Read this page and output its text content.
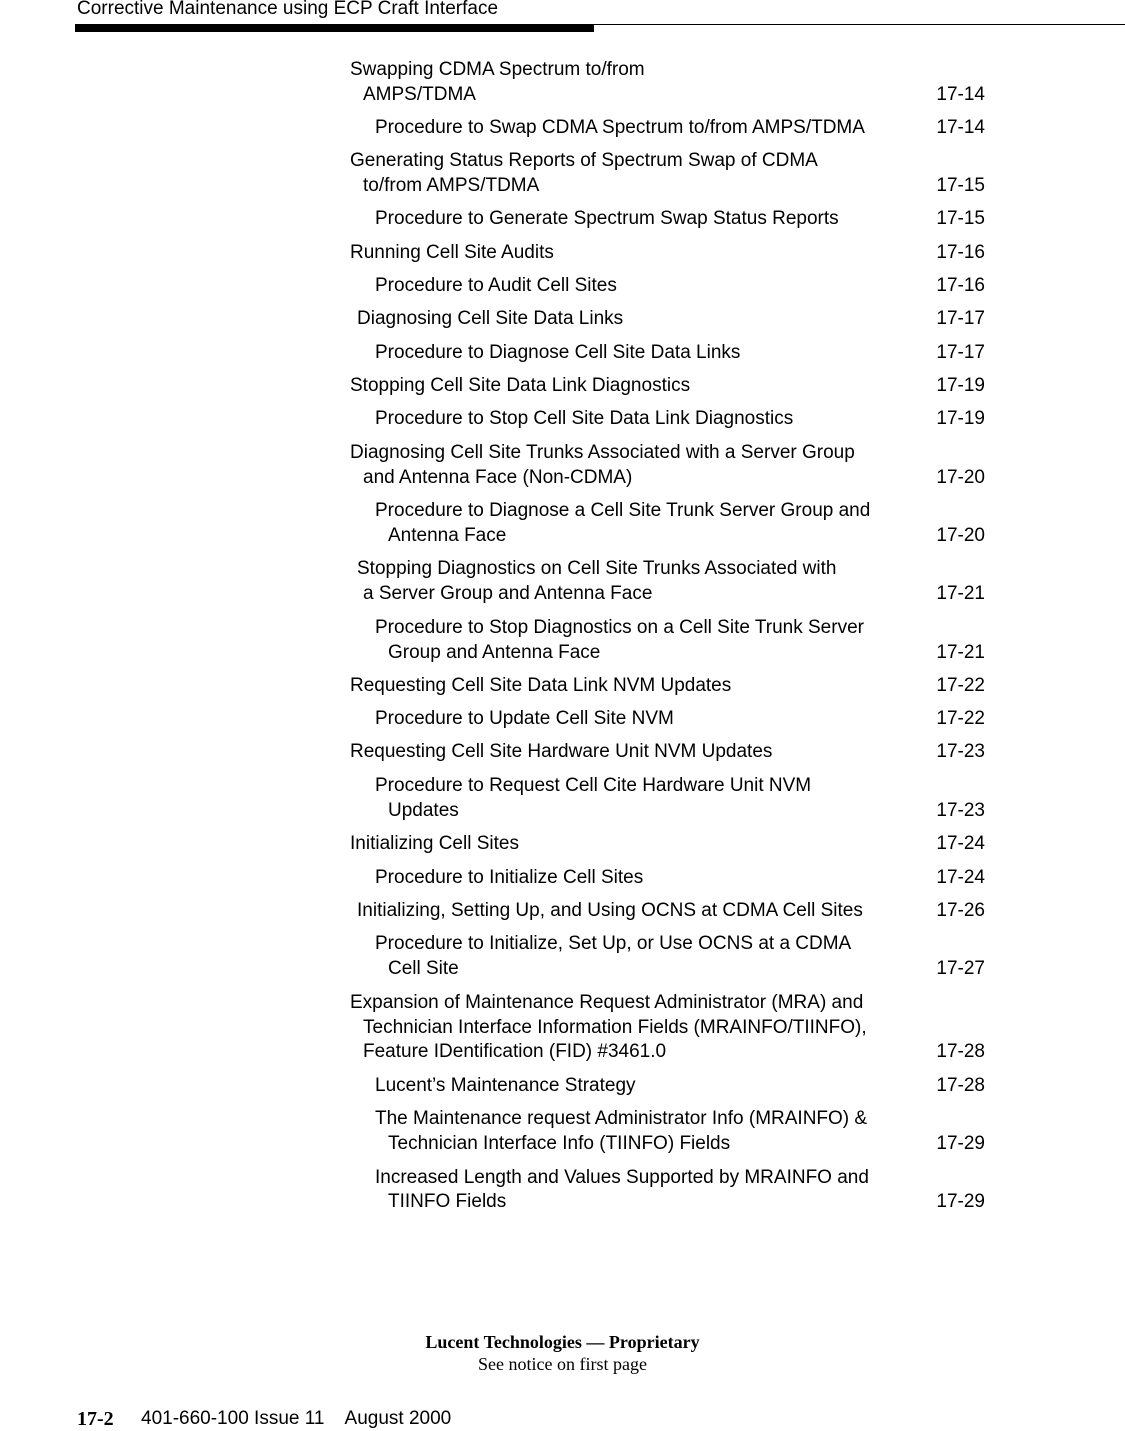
Corrective Maintenance using ECP Craft Interface
Swapping CDMA Spectrum to/from
AMPS/TDMA	17-14
Procedure to Swap CDMA Spectrum to/from AMPS/TDMA	17-14
Generating Status Reports of Spectrum Swap of CDMA
to/from AMPS/TDMA	17-15
Procedure to Generate Spectrum Swap Status Reports	17-15
Running Cell Site Audits	17-16
Procedure to Audit Cell Sites	17-16
Diagnosing Cell Site Data Links	17-17
Procedure to Diagnose Cell Site Data Links	17-17
Stopping Cell Site Data Link Diagnostics	17-19
Procedure to Stop Cell Site Data Link Diagnostics	17-19
Diagnosing Cell Site Trunks Associated with a Server Group
and Antenna Face (Non-CDMA)	17-20
Procedure to Diagnose a Cell Site Trunk Server Group and
Antenna Face	17-20
Stopping Diagnostics on Cell Site Trunks Associated with
a Server Group and Antenna Face	17-21
Procedure to Stop Diagnostics on a Cell Site Trunk Server
Group and Antenna Face	17-21
Requesting Cell Site Data Link NVM Updates	17-22
Procedure to Update Cell Site NVM	17-22
Requesting Cell Site Hardware Unit NVM Updates	17-23
Procedure to Request Cell Cite Hardware Unit NVM
Updates	17-23
Initializing Cell Sites	17-24
Procedure to Initialize Cell Sites	17-24
Initializing, Setting Up, and Using OCNS at CDMA Cell Sites	17-26
Procedure to Initialize, Set Up, or Use OCNS at a CDMA
Cell Site	17-27
Expansion of Maintenance Request Administrator (MRA) and
Technician Interface Information Fields (MRAINFO/TIINFO),
Feature IDentification (FID) #3461.0	17-28
Lucent’s Maintenance Strategy	17-28
The Maintenance request Administrator Info (MRAINFO) &
Technician Interface Info (TIINFO) Fields	17-29
Increased Length and Values Supported by MRAINFO and
TIINFO Fields	17-29
Lucent Technologies — Proprietary
See notice on first page
17-2 401-660-100 Issue 11    August 2000
